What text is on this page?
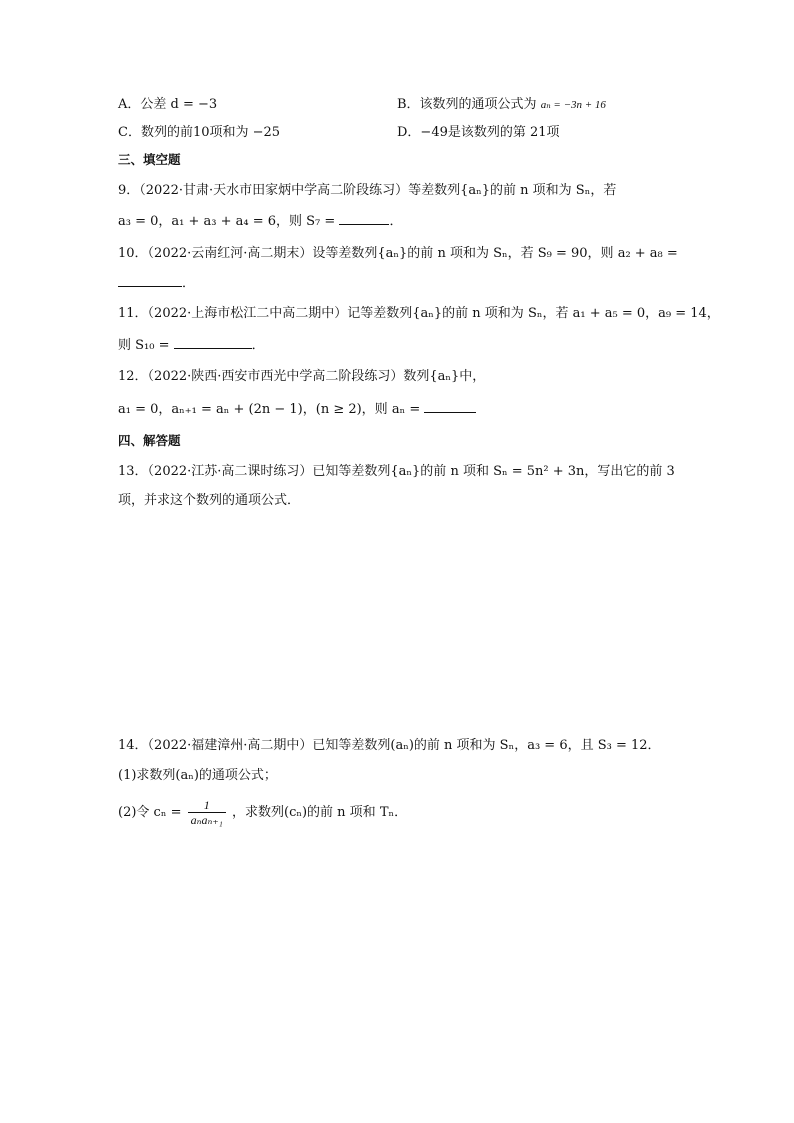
A．公差 d = −3	B．该数列的通项公式为 aₙ = −3n + 16
C．数列的前10项和为 −25	D．−49是该数列的第 21项
三、填空题
9．（2022·甘肃·天水市田家炳中学高二阶段练习）等差数列{aₙ}的前 n 项和为 Sₙ，若
a₃ = 0，a₁ + a₃ + a₄ = 6，则 S₇ =	．
10．（2022·云南红河·高二期末）设等差数列{aₙ}的前 n 项和为 Sₙ，若 S₉ = 90，则 a₂ + a₈ =
．
11．（2022·上海市松江二中高二期中）记等差数列{aₙ}的前 n 项和为 Sₙ，若 a₁ + a₅ = 0，a₉ = 14，
则 S₁₀ =	．
12．（2022·陕西·西安市西光中学高二阶段练习）数列{aₙ}中，
a₁ = 0，aₙ₊₁ = aₙ + (2n − 1)，(n ≥ 2)，则 aₙ =
四、解答题
13．（2022·江苏·高二课时练习）已知等差数列{aₙ}的前 n 项和 Sₙ = 5n² + 3n，写出它的前 3
项，并求这个数列的通项公式．
14．（2022·福建漳州·高二期中）已知等差数列(aₙ)的前 n 项和为 Sₙ，a₃ = 6，且 S₃ = 12．
(1)求数列(aₙ)的通项公式；
(2)令 $c_n = \frac{1}{\text{aₙaₙ₊₁}}$ ，求数列(cₙ)的前 n 项和 Tₙ．
